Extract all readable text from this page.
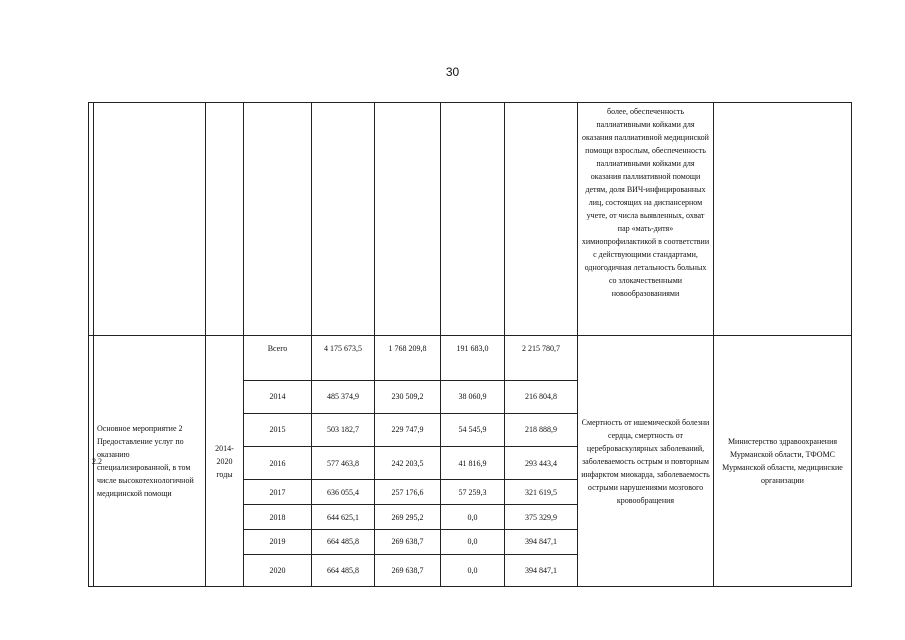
30
								более, обеспеченность паллиативными койками для оказания паллиативной медицинской помощи взрослым, обеспеченность паллиативными койками для оказания паллиативной помощи детям, доля ВИЧ-инфицированных лиц, состоящих на диспансерном учете, от числа выявленных, охват пар «мать-дитя» химиопрофилактикой в соответствии с действующими стандартами, одногодичная летальность больных со злокачественными новообразованиями	
2.2	Основное мероприятие 2 Предоставление услуг по оказанию специализированной, в том числе высокотехнологичной медицинской помощи	2014-2020 годы	Всего	4 175 673,5	1 768 209,8	191 683,0	2 215 780,7	Смертность от ишемической болезни сердца, смертность от цереброваскулярных заболеваний, заболеваемость острым и повторным инфарктом миокарда, заболеваемость острыми нарушениями мозгового кровообращения	Министерство здравоохранения Мурманской области, ТФОМС Мурманской области, медицинские организации
			2014	485 374,9	230 509,2	38 060,9	216 804,8		
			2015	503 182,7	229 747,9	54 545,9	218 888,9		
			2016	577 463,8	242 203,5	41 816,9	293 443,4		
			2017	636 055,4	257 176,6	57 259,3	321 619,5		
			2018	644 625,1	269 295,2	0,0	375 329,9		
			2019	664 485,8	269 638,7	0,0	394 847,1		
			2020	664 485,8	269 638,7	0,0	394 847,1		
